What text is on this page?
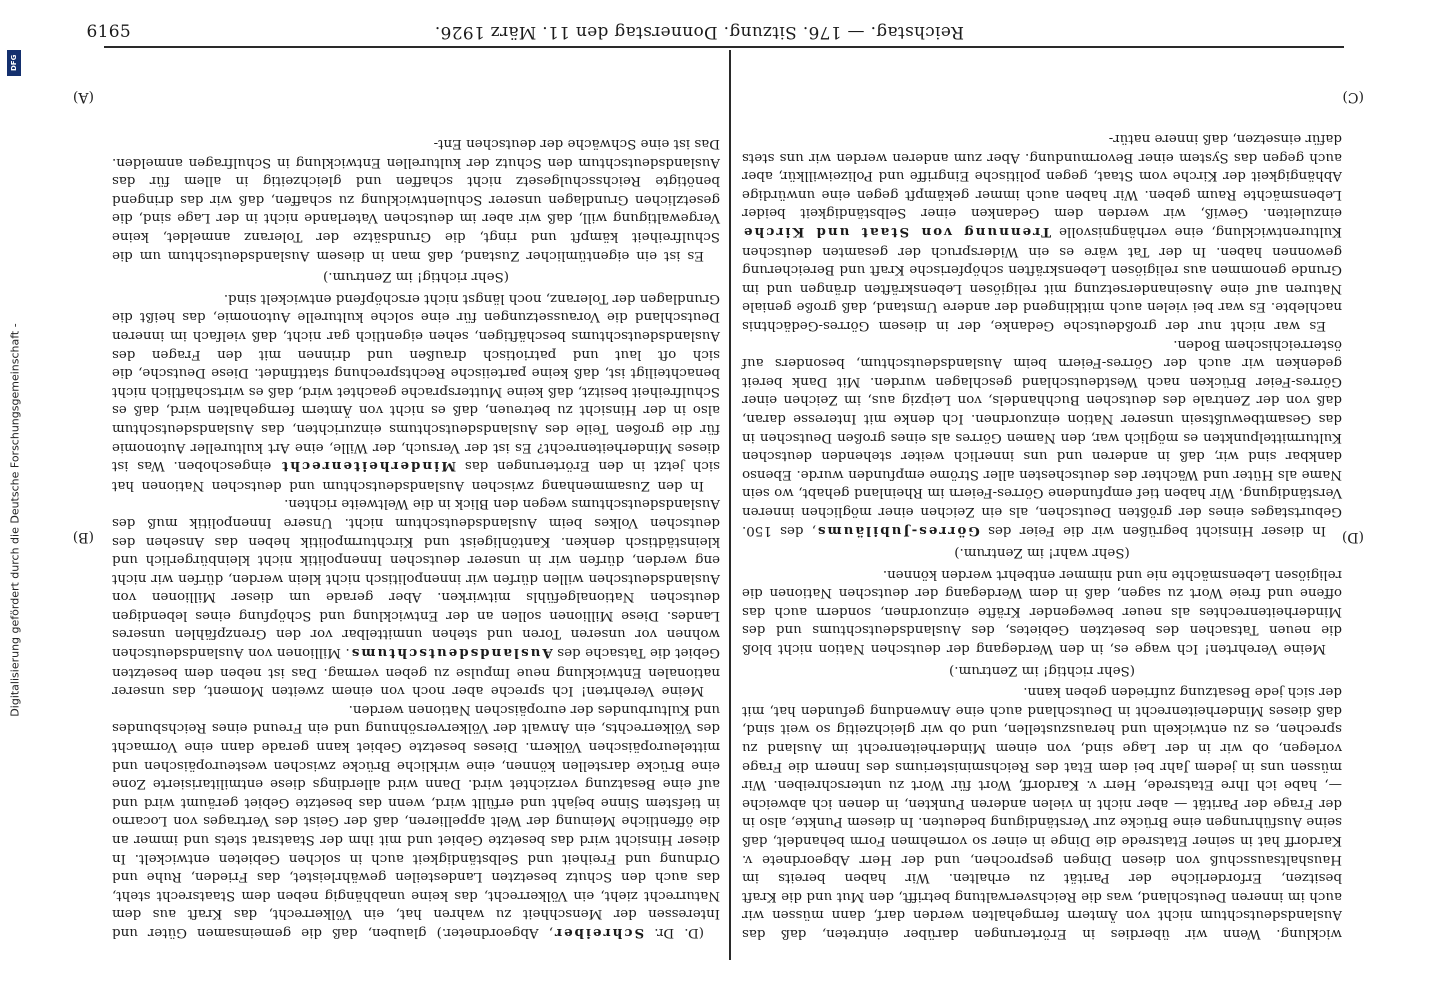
6165	Reichstag. — 176. Sitzung. Donnerstag den 11. März 1926.
(A)
(B)
(C)
(D)

(D. Dr. Schreiber, Abgeordneter.) glauben, daß die gemeinsamen Güter und Interessen der Menschheit zu wahren hat, ein Völkerrecht, das Kraft aus dem Naturrecht zieht, ein Völkerrecht, das keine unabhängig neben dem Staatsrecht steht, das auch den Schutz besetzten Landesteilen gewährleistet, das Frieden, Ruhe und Ordnung und Freiheit und Selbständigkeit auch in solchen Gebieten entwickelt. In dieser Hinsicht wird das besetzte Gebiet und mit ihm der Staatsrat stets und immer an die öffentliche Meinung der Welt appellieren, daß der Geist des Vertrages von Locarno in tiefstem Sinne bejaht und erfüllt wird, wenn das besetzte Gebiet geräumt wird und auf eine Besatzung verzichtet wird. Dann wird allerdings diese entmilitarisierte Zone eine Brücke darstellen können, eine wirkliche Brücke zwischen westeuropäischen und mitteleuropäischen Völkern. Dieses besetzte Gebiet kann gerade dann eine Vormacht des Völkerrechts, ein Anwalt der Völkerversöhnung und ein Freund eines Reichsbundes und Kulturbundes der europäischen Nationen werden.

Meine Verehrten! Ich spreche aber noch von einem zweiten Moment, das unserer nationalen Entwicklung neue Impulse zu geben vermag. Das ist neben dem besetzten Gebiet die Tatsache des Auslandsdeutschtums. Millionen von Auslandsdeutschen wohnen vor unseren Toren und stehen unmittelbar vor den Grenzpfählen unseres Landes. Diese Millionen sollen an der Entwicklung und Schöpfung eines lebendigen deutschen Nationalgefühls mitwirken. Aber gerade um dieser Millionen von Auslandsdeutschen willen dürfen wir innenpolitisch nicht klein werden, dürfen wir nicht eng werden, dürfen wir in unserer deutschen Innenpolitik nicht kleinbürgerlich und kleinstädtisch denken. Kantönligeist und Kirchturmpolitik heben das Ansehen des deutschen Volkes beim Auslandsdeutschtum nicht. Unsere Innenpolitik muß des Auslandsdeutschtums wegen den Blick in die Weltweite richten.

In den Zusammenhang zwischen Auslandsdeutschtum und deutschen Nationen hat sich jetzt in den Erörterungen das Minderheitenrecht eingeschoben. Was ist dieses Minderheitenrecht? Es ist der Versuch, der Wille, eine Art kultureller Autonomie für die großen Teile des Auslandsdeutschtums einzurichten, das Auslandsdeutschtum also in der Hinsicht zu betreuen, daß es nicht von Ämtern ferngehalten wird, daß es Schulfreiheit besitzt, daß keine Muttersprache geachtet wird, daß es wirtschaftlich nicht benachteiligt ist, daß keine parteiische Rechtsprechung stattfindet. Diese Deutsche, die sich oft laut und patriotisch draußen und drinnen mit den Fragen des Auslandsdeutschtums beschäftigen, sehen eigentlich gar nicht, daß vielfach im inneren Deutschland die Voraussetzungen für eine solche kulturelle Autonomie, das heißt die Grundlagen der Toleranz, noch längst nicht erschöpfend entwickelt sind.

(Sehr richtig! im Zentrum.)

Es ist ein eigentümlicher Zustand, daß man in diesem Auslandsdeutschtum um die Schulfreiheit kämpft und ringt, die Grundsätze der Toleranz anmeldet, keine Vergewaltigung will, daß wir aber im deutschen Vaterlande nicht in der Lage sind, die gesetzlichen Grundlagen unserer Schulentwicklung zu schaffen, daß wir das dringend benötigte Reichsschulgesetz nicht schaffen und gleichzeitig in allem für das Auslandsdeutschtum den Schutz der kulturellen Entwicklung in Schulfragen anmelden. Das ist eine Schwäche der deutschen Ent-

wicklung. Wenn wir überdies in Erörterungen darüber eintreten, daß das Auslandsdeutschtum nicht von Ämtern ferngehalten werden darf, dann müssen wir auch im inneren Deutschland, was die Reichsverwaltung betrifft, den Mut und die Kraft besitzen, Erforderliche der Parität zu erhalten. Wir haben bereits im Haushaltsausschuß von diesen Dingen gesprochen, und der Herr Abgeordnete v. Kardorff hat in seiner Etatsrede die Dinge in einer so vornehmen Form behandelt, daß seine Ausführungen eine Brücke zur Verständigung bedeuten. In diesem Punkte, also in der Frage der Parität — aber nicht in vielen anderen Punkten, in denen ich abweiche —, habe ich Ihre Etatsrede, Herr v. Kardorff, Wort für Wort zu unterschreiben. Wir müssen uns in jedem Jahr bei dem Etat des Reichsministeriums des Innern die Frage vorlegen, ob wir in der Lage sind, von einem Minderheitenrecht im Ausland zu sprechen, es zu entwickeln und herauszustellen, und ob wir gleichzeitig so weit sind, daß dieses Minderheitenrecht in Deutschland auch eine Anwendung gefunden hat, mit der sich jede Besatzung zufrieden geben kann.

(Sehr richtig! im Zentrum.)

Meine Verehrten! Ich wage es, in den Werdegang der deutschen Nation nicht bloß die neuen Tatsachen des besetzten Gebietes, des Auslandsdeutschtums und des Minderheitenrechtes als neuer bewegender Kräfte einzuordnen, sondern auch das offene und freie Wort zu sagen, daß in dem Werdegang der deutschen Nationen die religiösen Lebensmächte nie und nimmer entbehrt werden können.

(Sehr wahr! im Zentrum.)

In dieser Hinsicht begrüßen wir die Feier des Görres-Jubiläums, des 150. Geburtstages eines der größten Deutschen, als ein Zeichen einer möglichen inneren Verständigung. Wir haben tief empfundene Görres-Feiern im Rheinland gehabt, wo sein Name als Hüter und Wächter des deutschesten aller Ströme empfunden wurde. Ebenso dankbar sind wir, daß in anderen und uns innerlich weiter stehenden deutschen Kulturmittelpunkten es möglich war, den Namen Görres als eines großen Deutschen in das Gesamtbewußtsein unserer Nation einzuordnen. Ich denke mit Interesse daran, daß von der Zentrale des deutschen Buchhandels, von Leipzig aus, im Zeichen einer Görres-Feier Brücken nach Westdeutschland geschlagen wurden. Mit Dank bereit gedenken wir auch der Görres-Feiern beim Auslandsdeutschtum, besonders auf österreichischem Boden.

Es war nicht nur der großdeutsche Gedanke, der in diesem Görres-Gedächtnis nachlebte. Es war bei vielen auch mitklingend der andere Umstand, daß große geniale Naturen auf eine Auseinandersetzung mit religiösen Lebenskräften drängen und im Grunde genommen aus religiösen Lebenskräften schöpferische Kraft und Bereicherung gewonnen haben. In der Tat wäre es ein Widerspruch der gesamten deutschen Kulturentwicklung, eine verhängnisvolle Trennung von Staat und Kirche einzuleiten. Gewiß, wir werden dem Gedanken einer Selbständigkeit beider Lebensmächte Raum geben. Wir haben auch immer gekämpft gegen eine unwürdige Abhängigkeit der Kirche vom Staat, gegen politische Eingriffe und Polizeiwillkür, aber auch gegen das System einer Bevormundung. Aber zum anderen werden wir uns stets dafür einsetzen, daß innere natür-

DFG
Digitalisierung gefördert durch die Deutsche Forschungsgemeinschaft -
